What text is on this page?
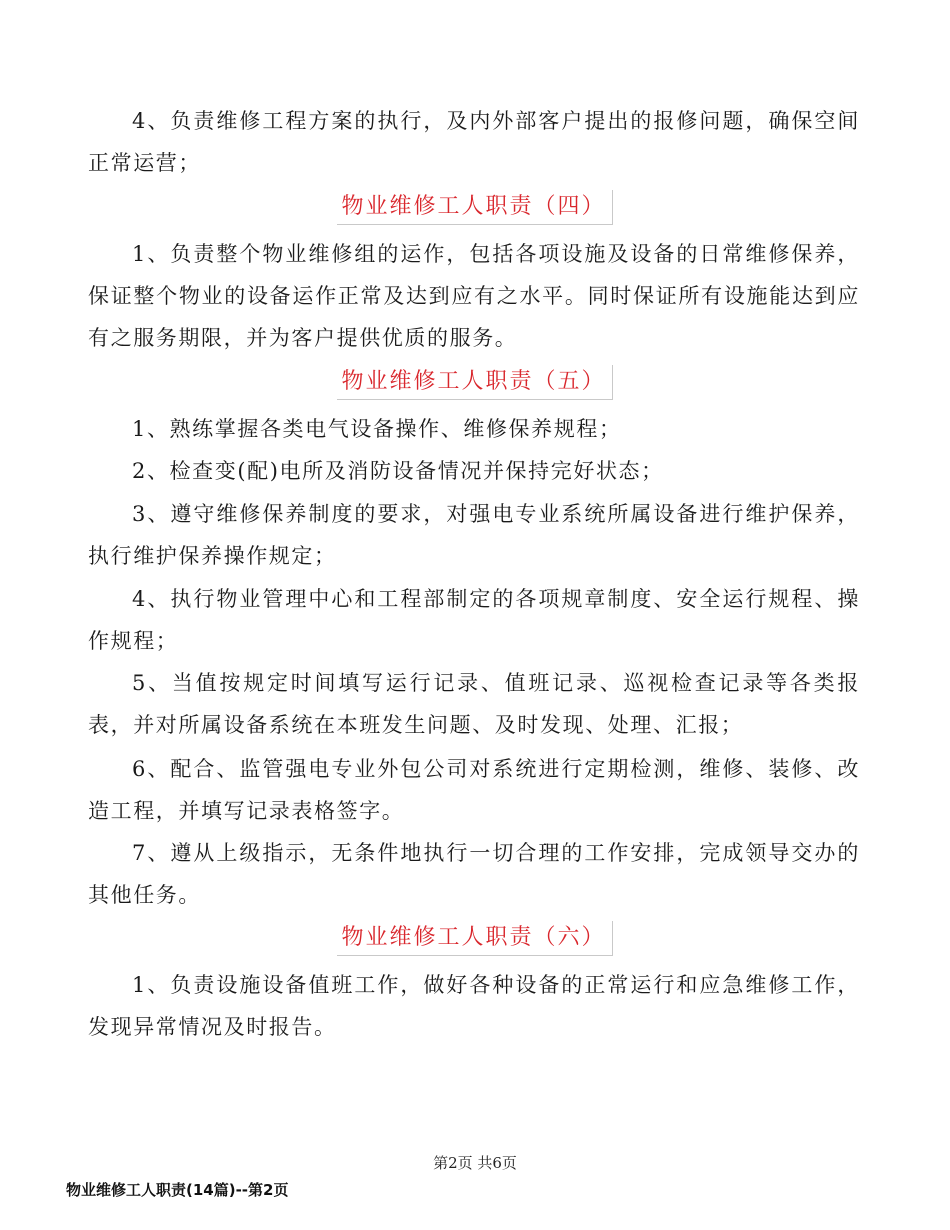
4、负责维修工程方案的执行，及内外部客户提出的报修问题，确保空间正常运营；

物业维修工人职责（四）

1、负责整个物业维修组的运作，包括各项设施及设备的日常维修保养，保证整个物业的设备运作正常及达到应有之水平。同时保证所有设施能达到应有之服务期限，并为客户提供优质的服务。

物业维修工人职责（五）

1、熟练掌握各类电气设备操作、维修保养规程；

2、检查变(配)电所及消防设备情况并保持完好状态；

3、遵守维修保养制度的要求，对强电专业系统所属设备进行维护保养，执行维护保养操作规定；

4、执行物业管理中心和工程部制定的各项规章制度、安全运行规程、操作规程；

5、当值按规定时间填写运行记录、值班记录、巡视检查记录等各类报表，并对所属设备系统在本班发生问题、及时发现、处理、汇报；

6、配合、监管强电专业外包公司对系统进行定期检测，维修、装修、改造工程，并填写记录表格签字。

7、遵从上级指示，无条件地执行一切合理的工作安排，完成领导交办的其他任务。

物业维修工人职责（六）

1、负责设施设备值班工作，做好各种设备的正常运行和应急维修工作，发现异常情况及时报告。

第2页 共6页
物业维修工人职责(14篇)--第2页
